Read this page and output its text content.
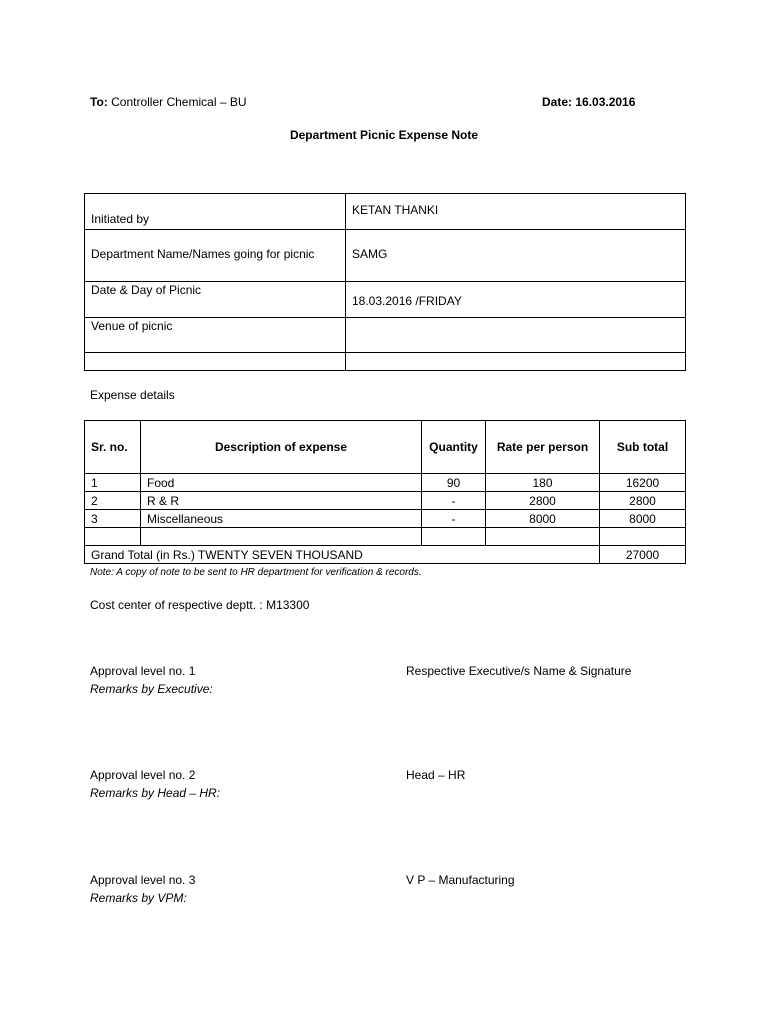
To: Controller Chemical – BU	Date: 16.03.2016
Department Picnic Expense Note
Initiated by	KETAN THANKI
Department Name/Names going for picnic	SAMG
Date & Day of Picnic	18.03.2016 /FRIDAY
Venue of picnic	

Expense details
Sr. no.	Description of expense	Quantity	Rate per person	Sub total
1	Food	90	180	16200
2	R & R	-	2800	2800
3	Miscellaneous	-	8000	8000

Grand Total (in Rs.) TWENTY SEVEN THOUSAND				27000
Note: A copy of note to be sent to HR department for verification & records.
Cost center of respective deptt. : M13300
Approval level no. 1
Remarks by Executive:
Respective Executive/s Name & Signature
Approval level no. 2
Remarks by Head – HR:
Head – HR
Approval level no. 3
Remarks by VPM:
V P – Manufacturing
